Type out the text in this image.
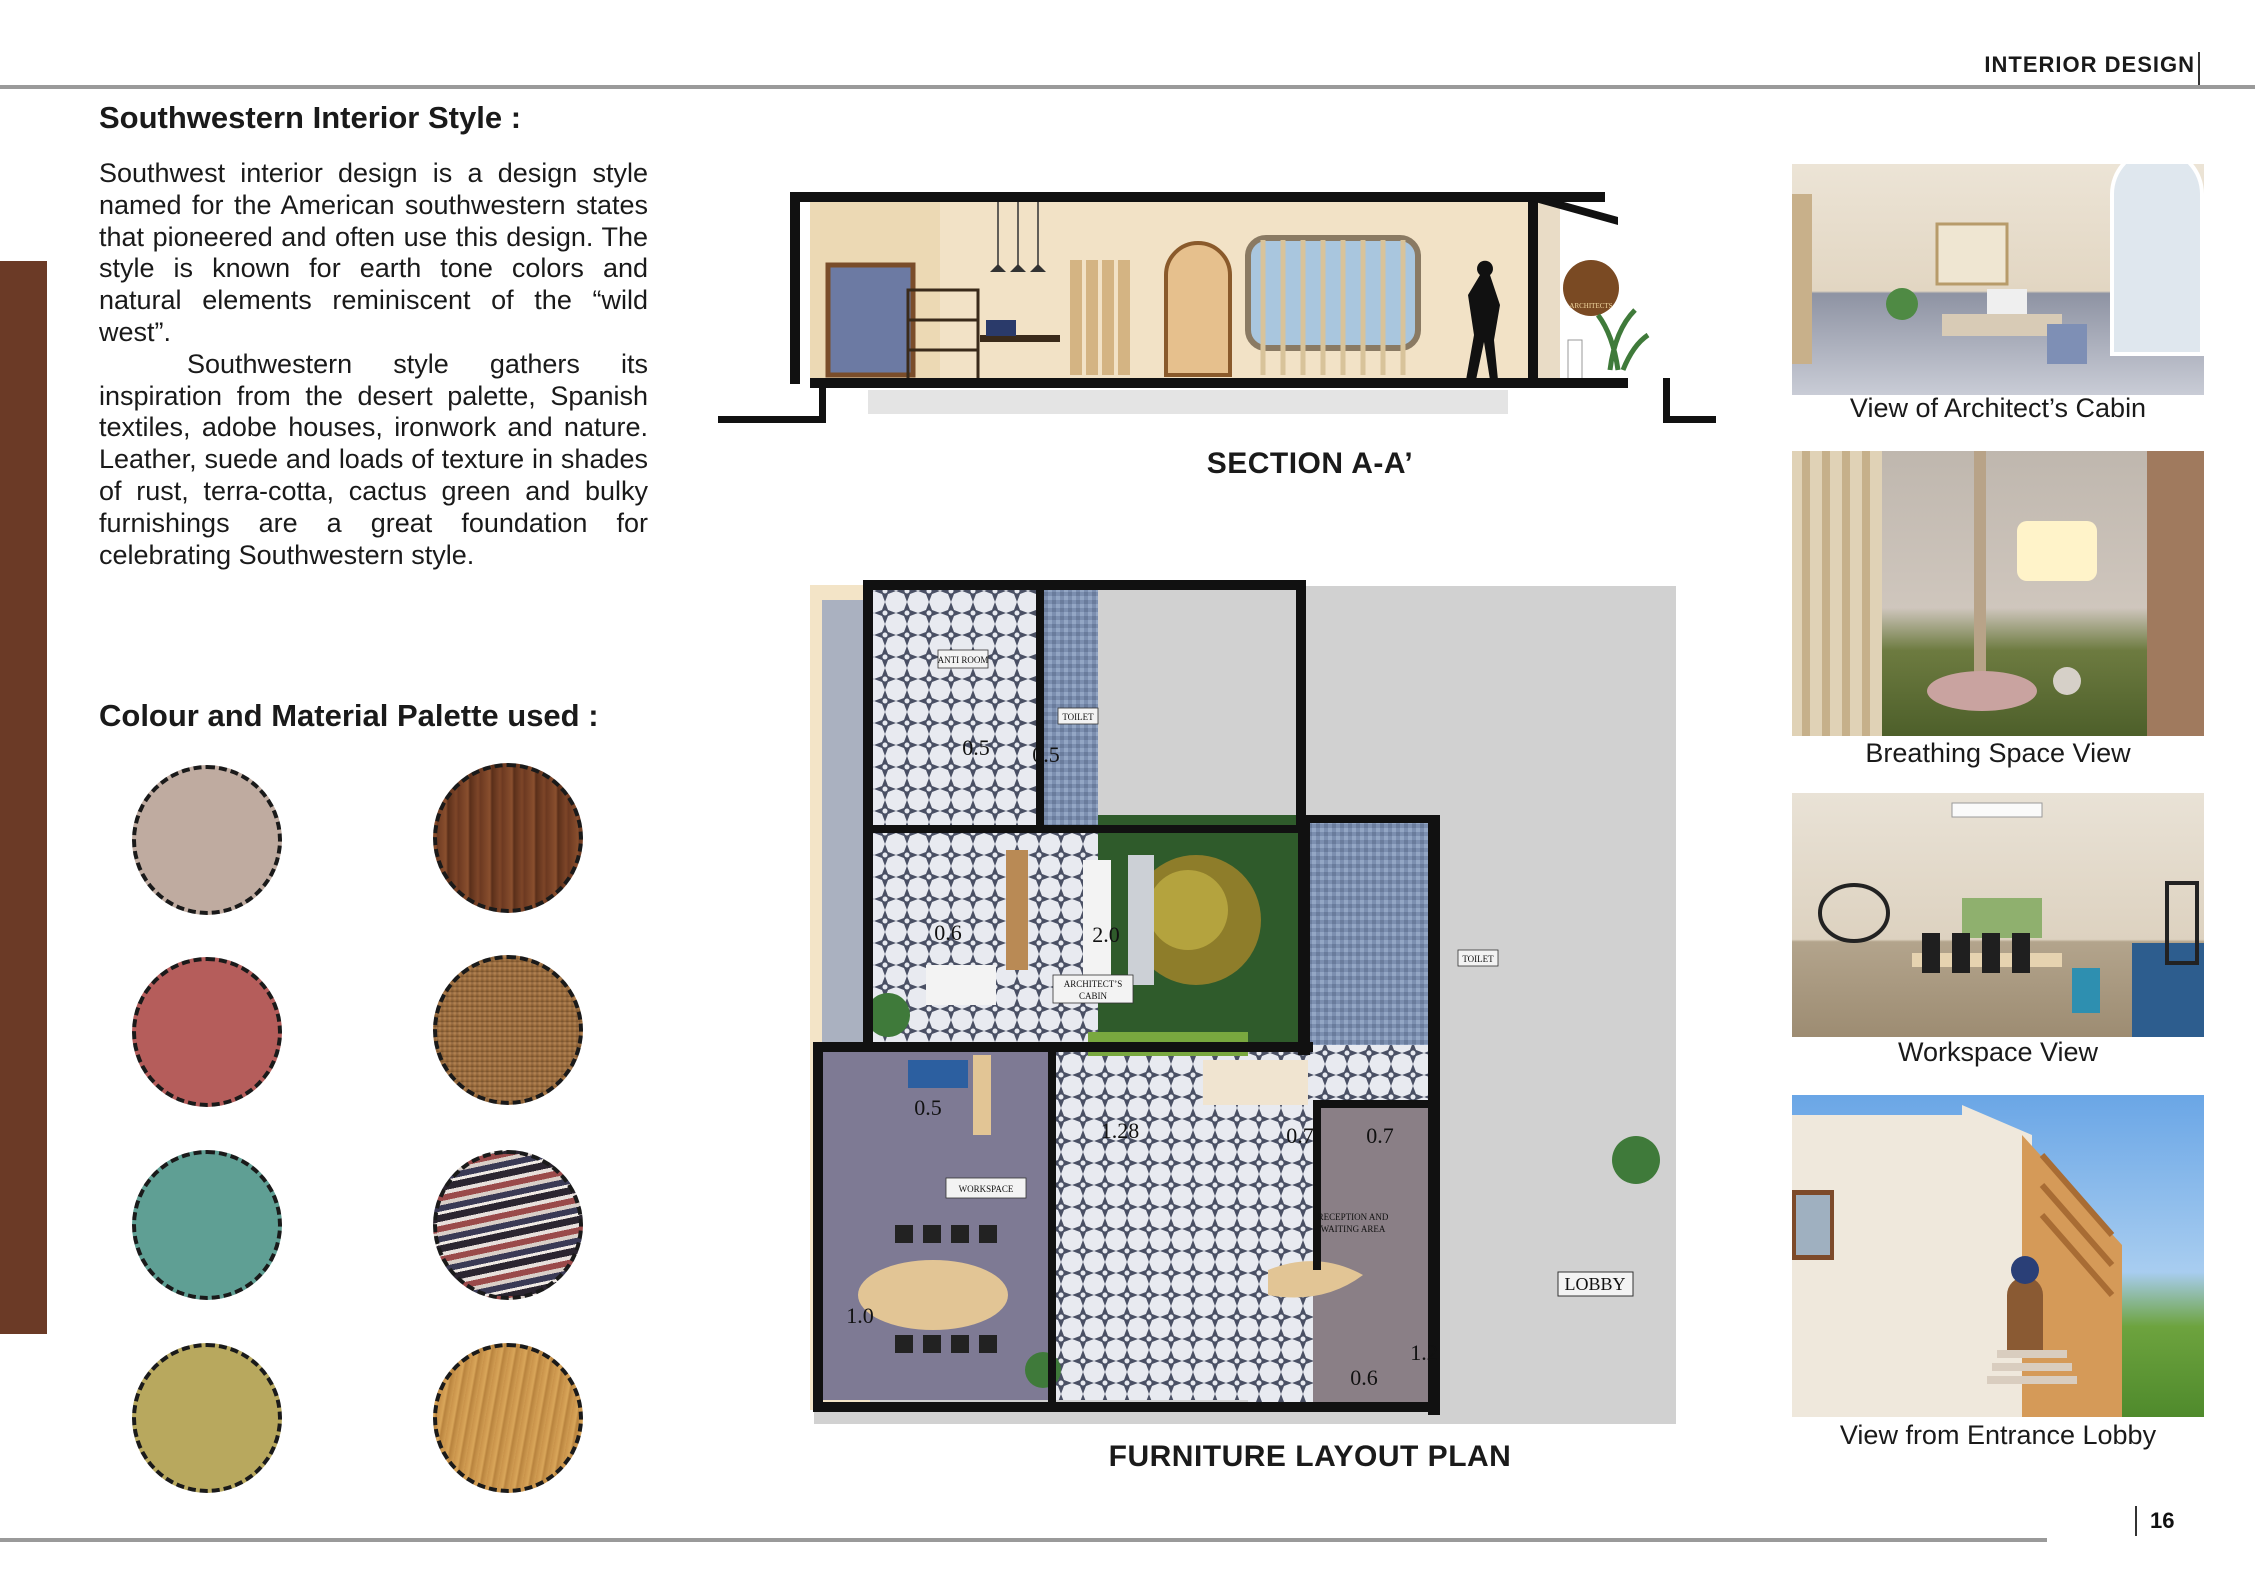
INTERIOR DESIGN
Southwestern Interior Style :

Southwest interior design is a design style named for the American southwestern states that pioneered and often use this design. The style is known for earth tone colors and natural elements reminiscent of the “wild west”.

Southwestern style gathers its inspiration from the desert palette, Spanish textiles, adobe houses, ironwork and nature. Leather, suede and loads of texture in shades of rust, terra-cotta, cactus green and bulky furnishings are a great foundation for celebrating Southwestern style.

Colour and Material Palette used :
ARCHITECTS
SECTION A-A’
ANTI ROOM
TOILET
TOILET
ARCHITECT’S
CABIN
WORKSPACE
RECEPTION AND
WAITING AREA
LOBBY
0.5 0.5
0.6	2.0
0.5
1.28	0.7 0.7
1.0
1.2
0.6
FURNITURE LAYOUT PLAN
View of Architect’s Cabin
Breathing Space View
Workspace View
View from Entrance Lobby
16
